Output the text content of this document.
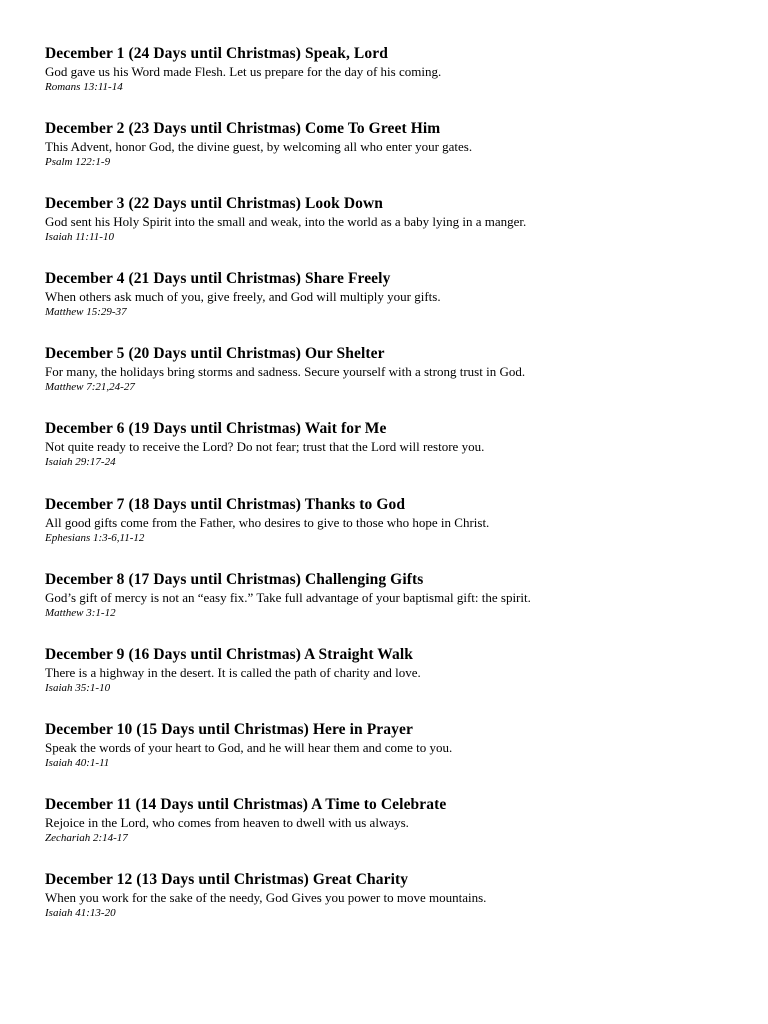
December 1 (24 Days until Christmas) Speak, Lord
God gave us his Word made Flesh. Let us prepare for the day of his coming.
Romans 13:11-14
December 2 (23 Days until Christmas) Come To Greet Him
This Advent, honor God, the divine guest, by welcoming all who enter your gates.
Psalm 122:1-9
December 3 (22 Days until Christmas) Look Down
God sent his Holy Spirit into the small and weak, into the world as a baby lying in a manger.
Isaiah 11:11-10
December 4 (21 Days until Christmas) Share Freely
When others ask much of you, give freely, and God will multiply your gifts.
Matthew 15:29-37
December 5 (20 Days until Christmas) Our Shelter
For many, the holidays bring storms and sadness. Secure yourself with a strong trust in God.
Matthew 7:21,24-27
December 6 (19 Days until Christmas) Wait for Me
Not quite ready to receive the Lord? Do not fear; trust that the Lord will restore you.
Isaiah 29:17-24
December 7 (18 Days until Christmas) Thanks to God
All good gifts come from the Father, who desires to give to those who hope in Christ.
Ephesians 1:3-6,11-12
December 8 (17 Days until Christmas) Challenging Gifts
God’s gift of mercy is not an “easy fix.” Take full advantage of your baptismal gift: the spirit.
Matthew 3:1-12
December 9 (16 Days until Christmas) A Straight Walk
There is a highway in the desert. It is called the path of charity and love.
Isaiah 35:1-10
December 10 (15 Days until Christmas) Here in Prayer
Speak the words of your heart to God, and he will hear them and come to you.
Isaiah 40:1-11
December 11 (14 Days until Christmas) A Time to Celebrate
Rejoice in the Lord, who comes from heaven to dwell with us always.
Zechariah 2:14-17
December 12 (13 Days until Christmas) Great Charity
When you work for the sake of the needy, God Gives you power to move mountains.
Isaiah 41:13-20
